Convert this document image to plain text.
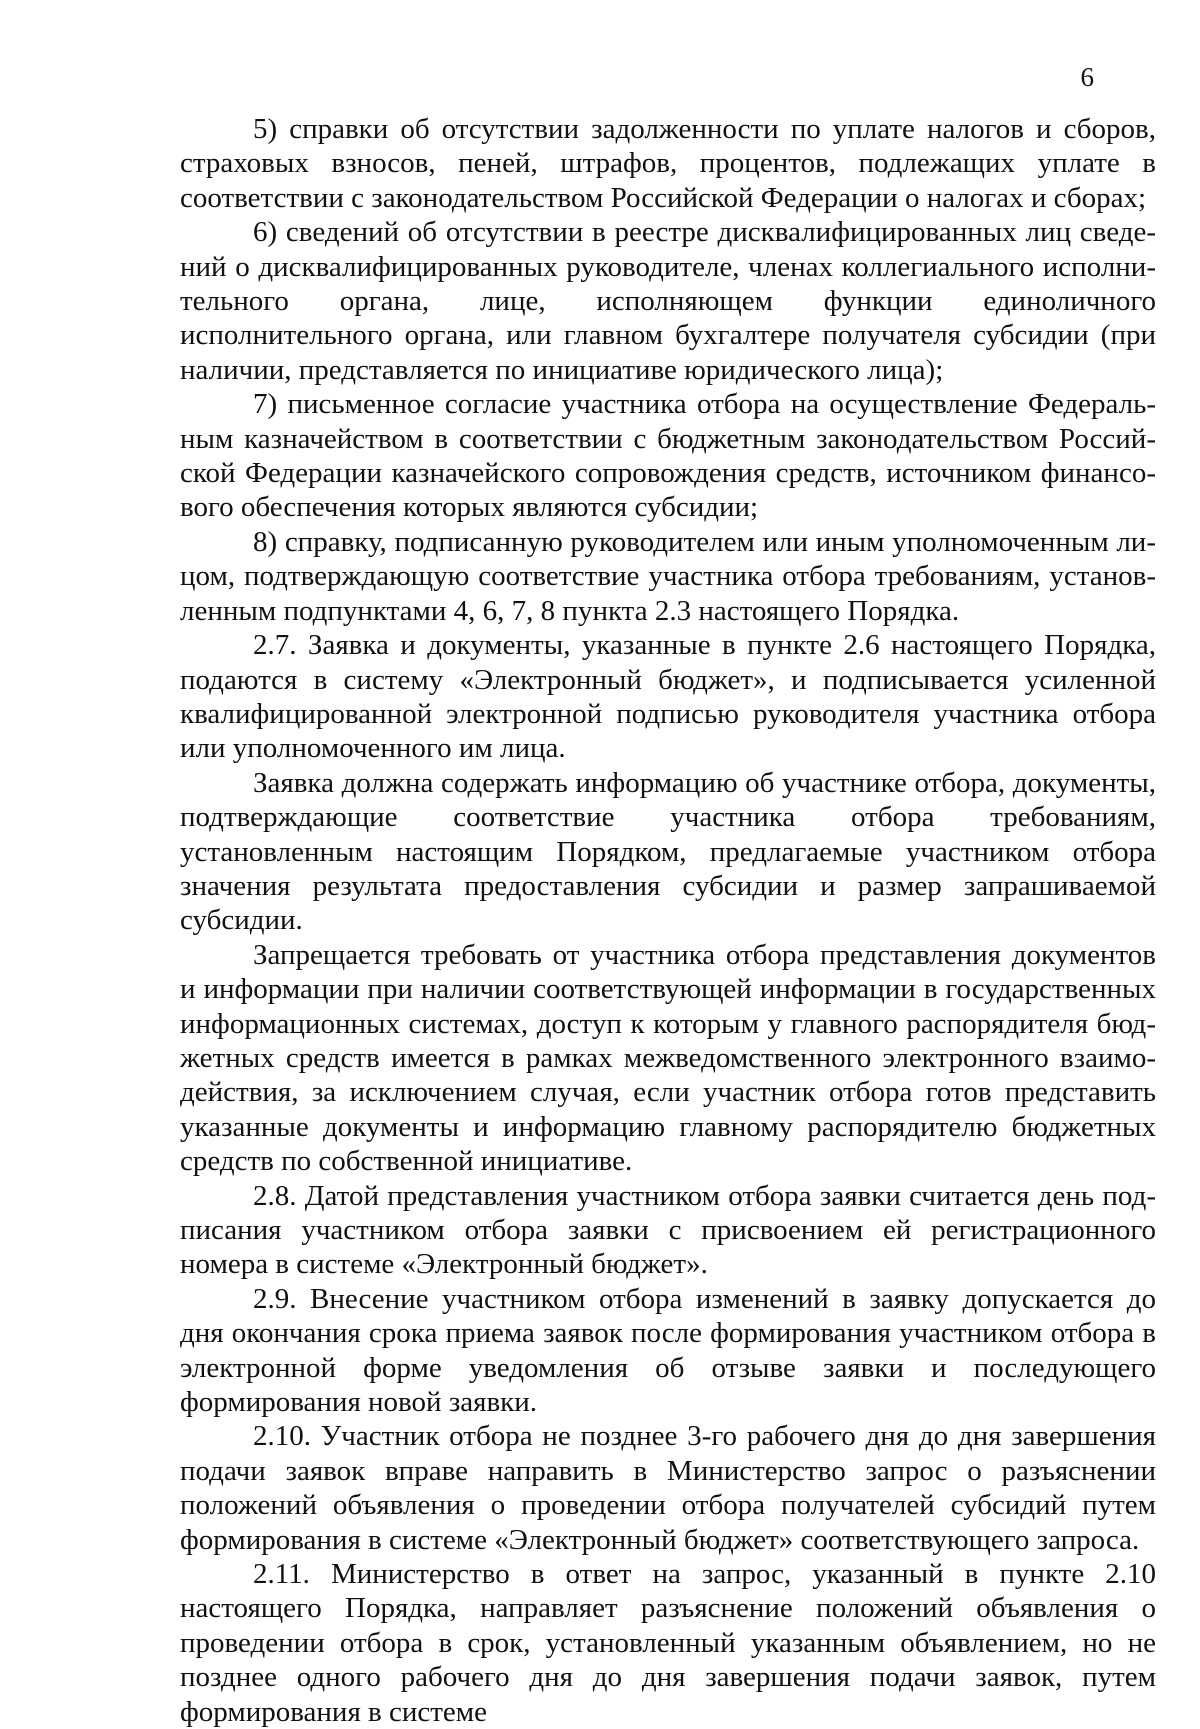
6

5) справки об отсутствии задолженности по уплате налогов и сборов, страховых взносов, пеней, штрафов, процентов, подлежащих уплате в соответствии с законодательством Российской Федерации о налогах и сборах;

6) сведений об отсутствии в реестре дисквалифицированных лиц сведений о дисквалифицированных руководителе, членах коллегиального исполнительного органа, лице, исполняющем функции единоличного исполнительного органа, или главном бухгалтере получателя субсидии (при наличии, представляется по инициативе юридического лица);

7) письменное согласие участника отбора на осуществление Федеральным казначейством в соответствии с бюджетным законодательством Российской Федерации казначейского сопровождения средств, источником финансового обеспечения которых являются субсидии;

8) справку, подписанную руководителем или иным уполномоченным лицом, подтверждающую соответствие участника отбора требованиям, установленным подпунктами 4, 6, 7, 8 пункта 2.3 настоящего Порядка.

2.7. Заявка и документы, указанные в пункте 2.6 настоящего Порядка, подаются в систему «Электронный бюджет», и подписывается усиленной квалифицированной электронной подписью руководителя участника отбора или уполномоченного им лица.

Заявка должна содержать информацию об участнике отбора, документы, подтверждающие соответствие участника отбора требованиям, установленным настоящим Порядком, предлагаемые участником отбора значения результата предоставления субсидии и размер запрашиваемой субсидии.

Запрещается требовать от участника отбора представления документов и информации при наличии соответствующей информации в государственных информационных системах, доступ к которым у главного распорядителя бюджетных средств имеется в рамках межведомственного электронного взаимодействия, за исключением случая, если участник отбора готов представить указанные документы и информацию главному распорядителю бюджетных средств по собственной инициативе.

2.8. Датой представления участником отбора заявки считается день подписания участником отбора заявки с присвоением ей регистрационного номера в системе «Электронный бюджет».

2.9. Внесение участником отбора изменений в заявку допускается до дня окончания срока приема заявок после формирования участником отбора в электронной форме уведомления об отзыве заявки и последующего формирования новой заявки.

2.10. Участник отбора не позднее 3-го рабочего дня до дня завершения подачи заявок вправе направить в Министерство запрос о разъяснении положений объявления о проведении отбора получателей субсидий путем формирования в системе «Электронный бюджет» соответствующего запроса.

2.11. Министерство в ответ на запрос, указанный в пункте 2.10 настоящего Порядка, направляет разъяснение положений объявления о проведении отбора в срок, установленный указанным объявлением, но не позднее одного рабочего дня до дня завершения подачи заявок, путем формирования в системе
